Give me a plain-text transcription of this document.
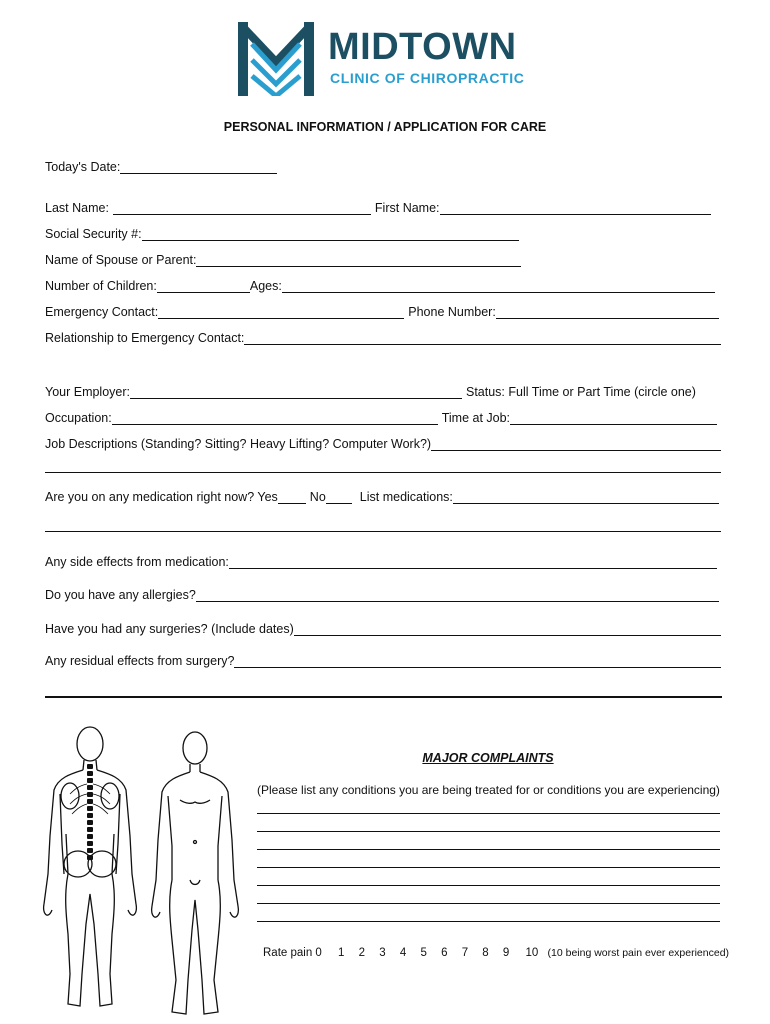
MIDTOWN
CLINIC OF CHIROPRACTIC
PERSONAL INFORMATION / APPLICATION FOR CARE
Today's Date:
Last Name:	First Name:
Social Security #:
Name of Spouse or Parent:
Number of Children:	Ages:
Emergency Contact:	Phone Number:
Relationship to Emergency Contact:
Your Employer:	Status: Full Time or Part Time (circle one)
Occupation:	Time at Job:
Job Descriptions (Standing? Sitting? Heavy Lifting? Computer Work?)
Are you on any medication right now? Yes	No	List medications:
Any side effects from medication:
Do you have any allergies?
Have you had any surgeries? (Include dates)
Any residual effects from surgery?
MAJOR COMPLAINTS
(Please list any conditions you are being treated for or conditions you are experiencing)
Rate pain 0 1 2 3 4 5 6 7 8 9 10 (10 being worst pain ever experienced)
